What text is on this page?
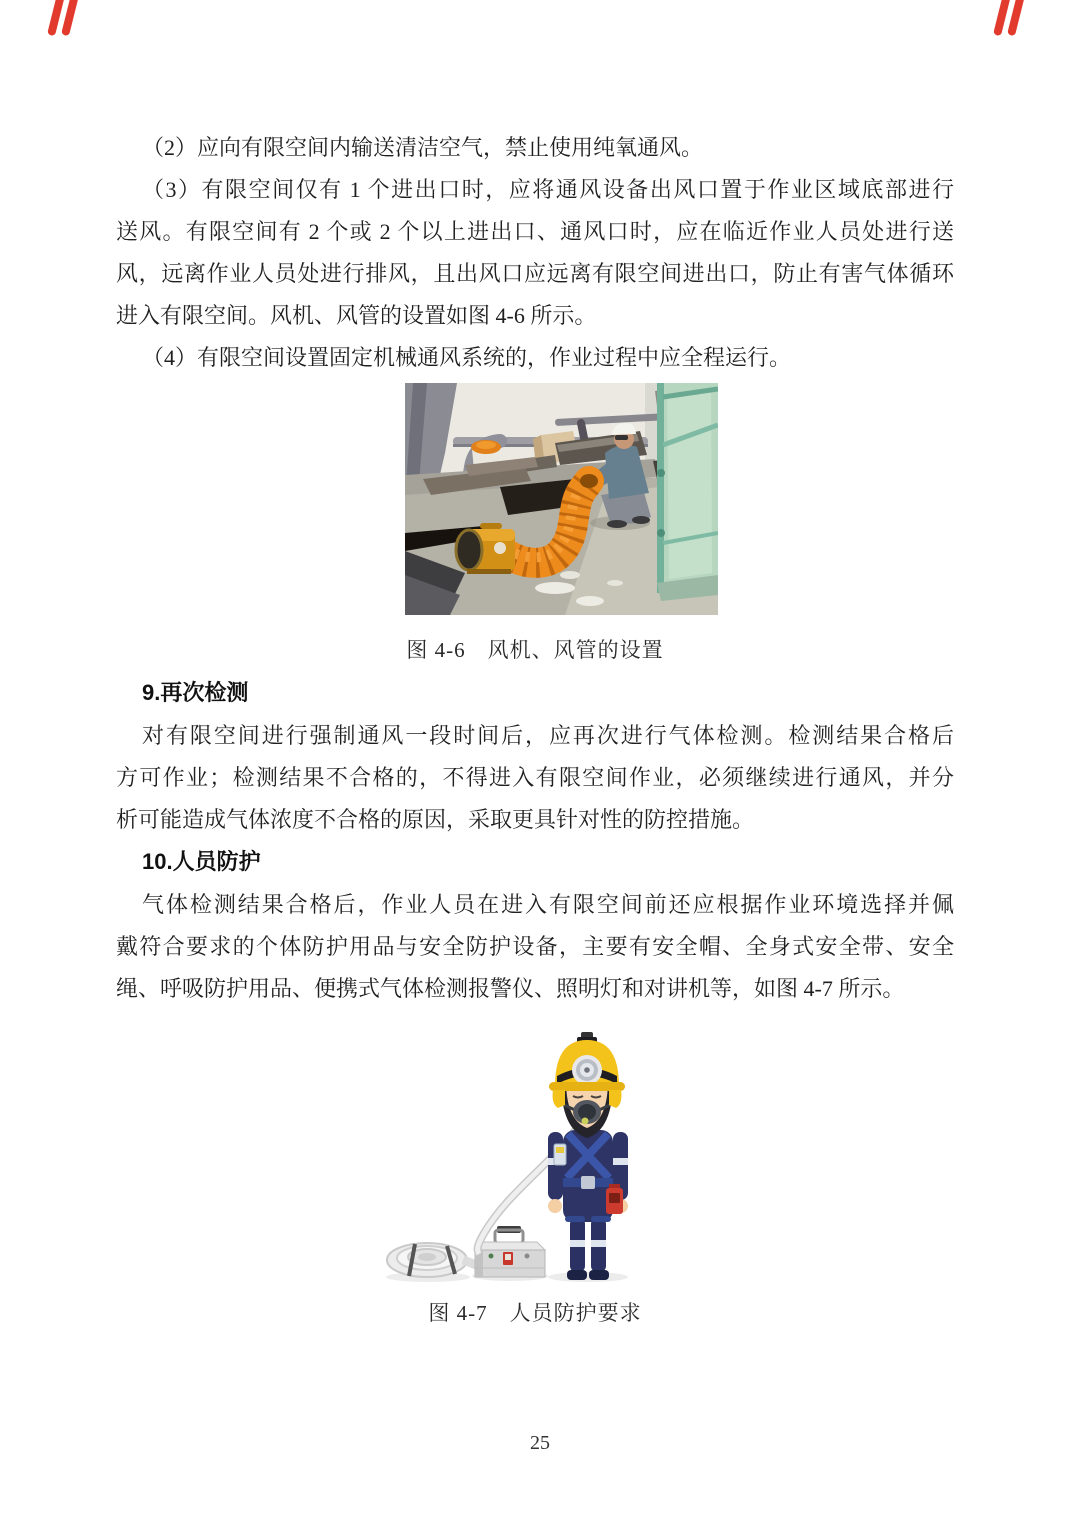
（2）应向有限空间内输送清洁空气，禁止使用纯氧通风。
（3）有限空间仅有 1 个进出口时，应将通风设备出风口置于作业区域底部进行
送风。有限空间有 2 个或 2 个以上进出口、通风口时，应在临近作业人员处进行送
风，远离作业人员处进行排风，且出风口应远离有限空间进出口，防止有害气体循环
进入有限空间。风机、风管的设置如图 4-6 所示。
（4）有限空间设置固定机械通风系统的，作业过程中应全程运行。
图 4-6　风机、风管的设置
9.再次检测
对有限空间进行强制通风一段时间后，应再次进行气体检测。检测结果合格后
方可作业；检测结果不合格的，不得进入有限空间作业，必须继续进行通风，并分
析可能造成气体浓度不合格的原因，采取更具针对性的防控措施。
10.人员防护
气体检测结果合格后，作业人员在进入有限空间前还应根据作业环境选择并佩
戴符合要求的个体防护用品与安全防护设备，主要有安全帽、全身式安全带、安全
绳、呼吸防护用品、便携式气体检测报警仪、照明灯和对讲机等，如图 4-7 所示。
图 4-7　人员防护要求
25
